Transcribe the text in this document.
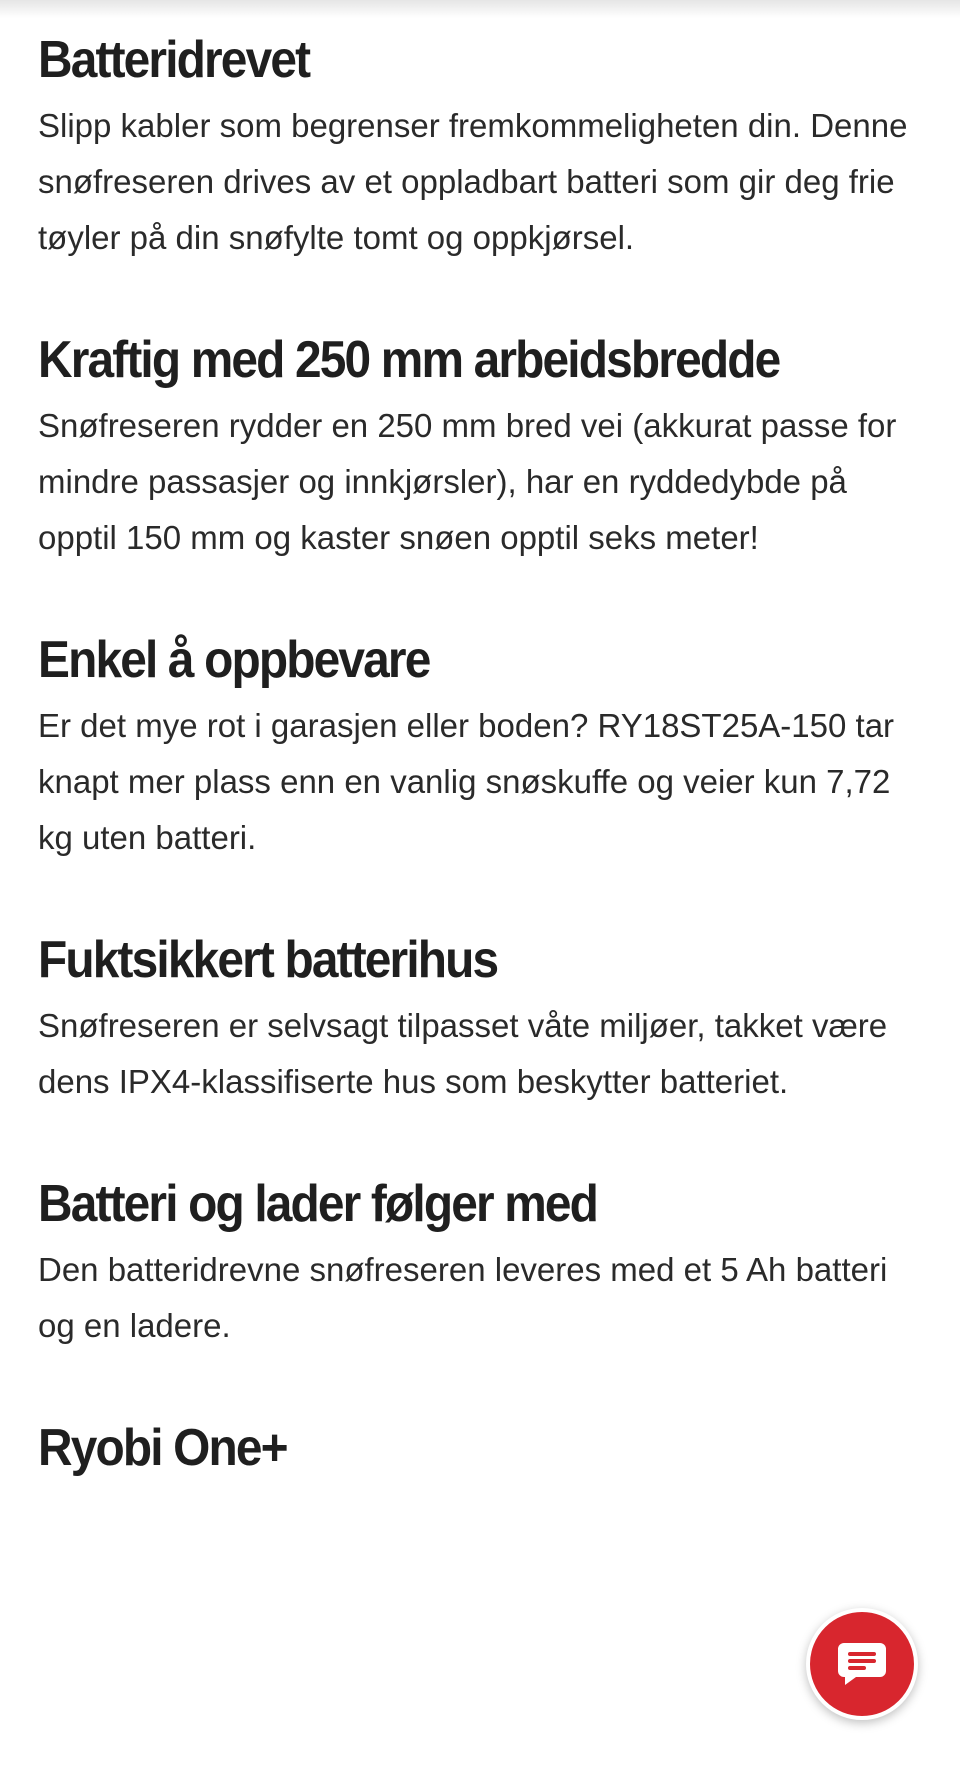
Batteridrevet

Slipp kabler som begrenser fremkommeligheten din. Denne snøfreseren drives av et oppladbart batteri som gir deg frie tøyler på din snøfylte tomt og oppkjørsel.

Kraftig med 250 mm arbeidsbredde

Snøfreseren rydder en 250 mm bred vei (akkurat passe for mindre passasjer og innkjørsler), har en ryddedybde på opptil 150 mm og kaster snøen opptil seks meter!

Enkel å oppbevare

Er det mye rot i garasjen eller boden? RY18ST25A-150 tar knapt mer plass enn en vanlig snøskuffe og veier kun 7,72 kg uten batteri.

Fuktsikkert batterihus

Snøfreseren er selvsagt tilpasset våte miljøer, takket være dens IPX4-klassifiserte hus som beskytter batteriet.

Batteri og lader følger med

Den batteridrevne snøfreseren leveres med et 5 Ah batteri og en ladere.

Ryobi One+
